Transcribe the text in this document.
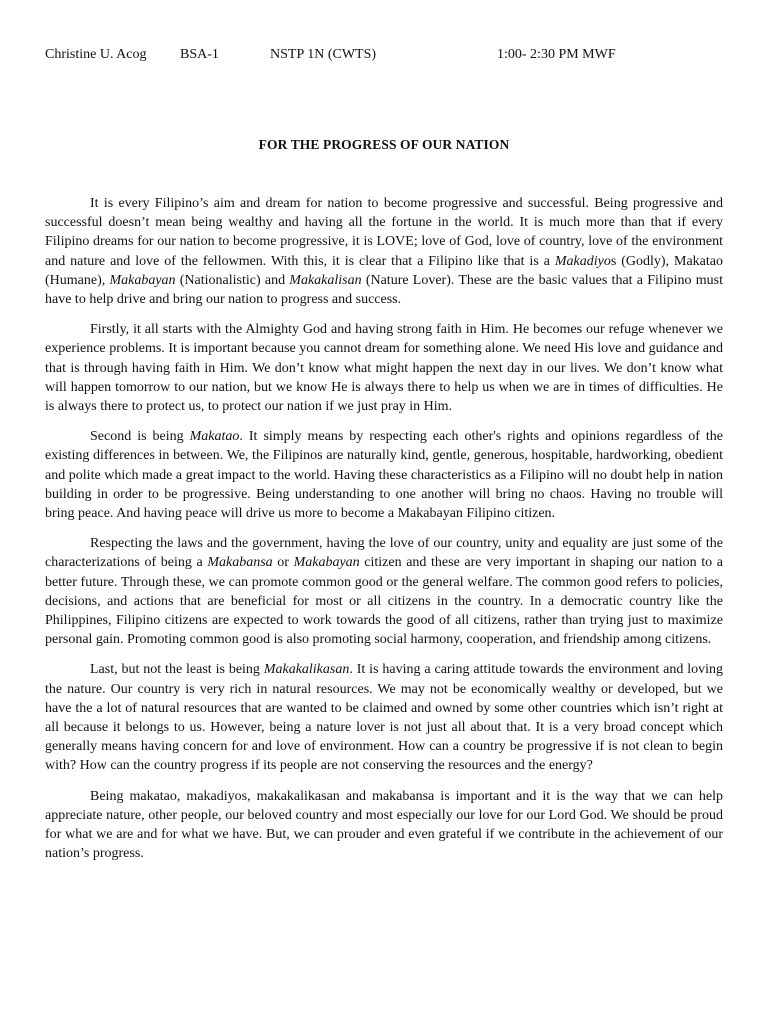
Christine U. Acog BSA-1	NSTP 1N (CWTS)	1:00- 2:30 PM MWF
FOR THE PROGRESS OF OUR NATION

It is every Filipino’s aim and dream for nation to become progressive and successful. Being progressive and successful doesn’t mean being wealthy and having all the fortune in the world. It is much more than that if every Filipino dreams for our nation to become progressive, it is LOVE; love of God, love of country, love of the environment and nature and love of the fellowmen. With this, it is clear that a Filipino like that is a Makadiyos (Godly), Makatao (Humane), Makabayan (Nationalistic) and Makakalisan (Nature Lover). These are the basic values that a Filipino must have to help drive and bring our nation to progress and success.

Firstly, it all starts with the Almighty God and having strong faith in Him. He becomes our refuge whenever we experience problems. It is important because you cannot dream for something alone. We need His love and guidance and that is through having faith in Him. We don’t know what might happen the next day in our lives. We don’t know what will happen tomorrow to our nation, but we know He is always there to help us when we are in times of difficulties. He is always there to protect us, to protect our nation if we just pray in Him.

Second is being Makatao. It simply means by respecting each other's rights and opinions regardless of the existing differences in between. We, the Filipinos are naturally kind, gentle, generous, hospitable, hardworking, obedient and polite which made a great impact to the world. Having these characteristics as a Filipino will no doubt help in nation building in order to be progressive. Being understanding to one another will bring no chaos. Having no trouble will bring peace. And having peace will drive us more to become a Makabayan Filipino citizen.

Respecting the laws and the government, having the love of our country, unity and equality are just some of the characterizations of being a Makabansa or Makabayan citizen and these are very important in shaping our nation to a better future. Through these, we can promote common good or the general welfare. The common good refers to policies, decisions, and actions that are beneficial for most or all citizens in the country. In a democratic country like the Philippines, Filipino citizens are expected to work towards the good of all citizens, rather than trying just to maximize personal gain. Promoting common good is also promoting social harmony, cooperation, and friendship among citizens.

Last, but not the least is being Makakalikasan. It is having a caring attitude towards the environment and loving the nature. Our country is very rich in natural resources. We may not be economically wealthy or developed, but we have the a lot of natural resources that are wanted to be claimed and owned by some other countries which isn’t right at all because it belongs to us. However, being a nature lover is not just all about that. It is a very broad concept which generally means having concern for and love of environment. How can a country be progressive if is not clean to begin with? How can the country progress if its people are not conserving the resources and the energy?

Being makatao, makadiyos, makakalikasan and makabansa is important and it is the way that we can help appreciate nature, other people, our beloved country and most especially our love for our Lord God. We should be proud for what we are and for what we have. But, we can prouder and even grateful if we contribute in the achievement of our nation’s progress.
